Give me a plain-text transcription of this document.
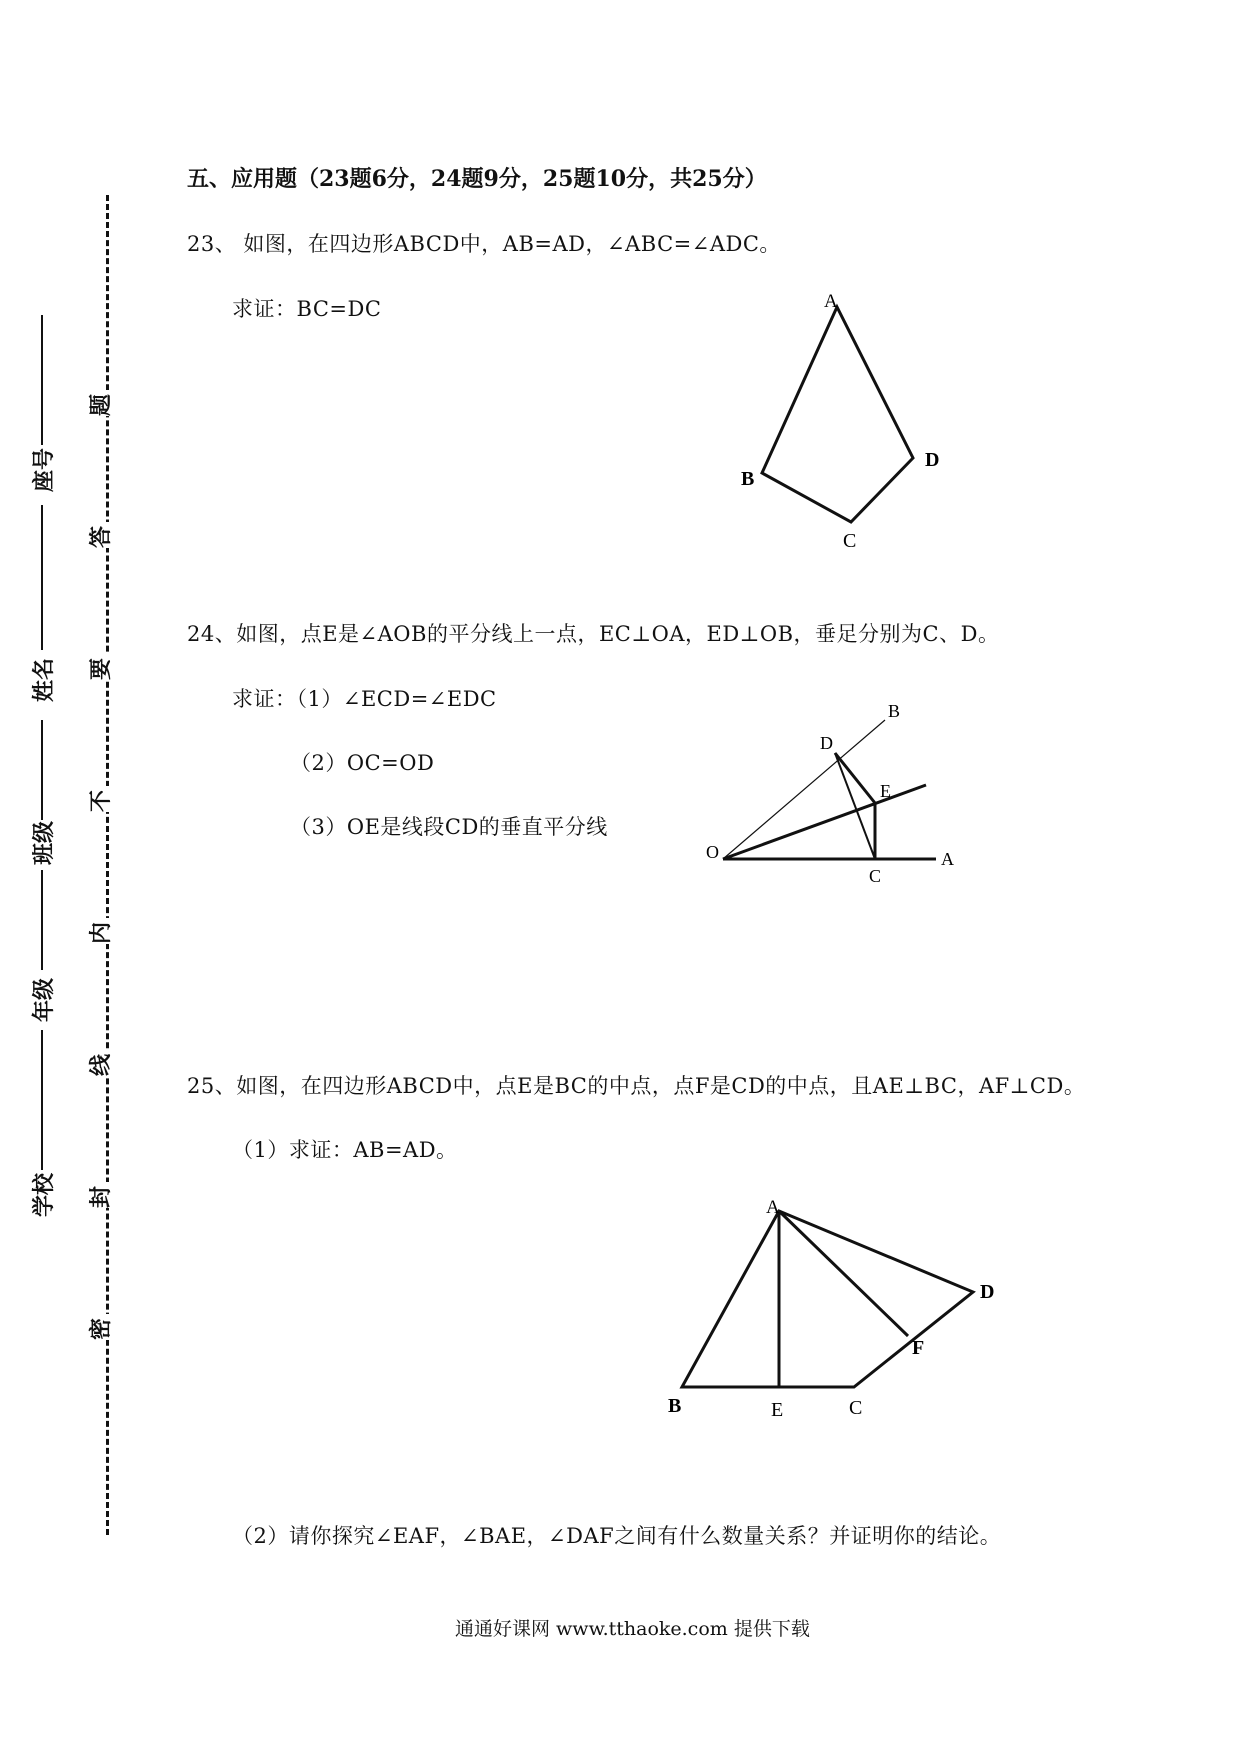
座号
姓名
班级
年级
学校
题
答
要
不
内
线
封
密
五、应用题（23题6分，24题9分，25题10分，共25分）
23、 如图，在四边形ABCD中，AB=AD，∠ABC=∠ADC。
求证：BC=DC	A
B
C
D
24、如图，点E是∠AOB的平分线上一点，EC⊥OA，ED⊥OB，垂足分别为C、D。
求证：（1）∠ECD=∠EDC
（2）OC=OD
（3）OE是线段CD的垂直平分线
O	A
B
C
D
E
25、如图，在四边形ABCD中，点E是BC的中点，点F是CD的中点，且AE⊥BC，AF⊥CD。
（1）求证：AB=AD。
A
B	E	C
F
D
（2）请你探究∠EAF，∠BAE，∠DAF之间有什么数量关系？并证明你的结论。
通通好课网 www.tthaoke.com 提供下载
